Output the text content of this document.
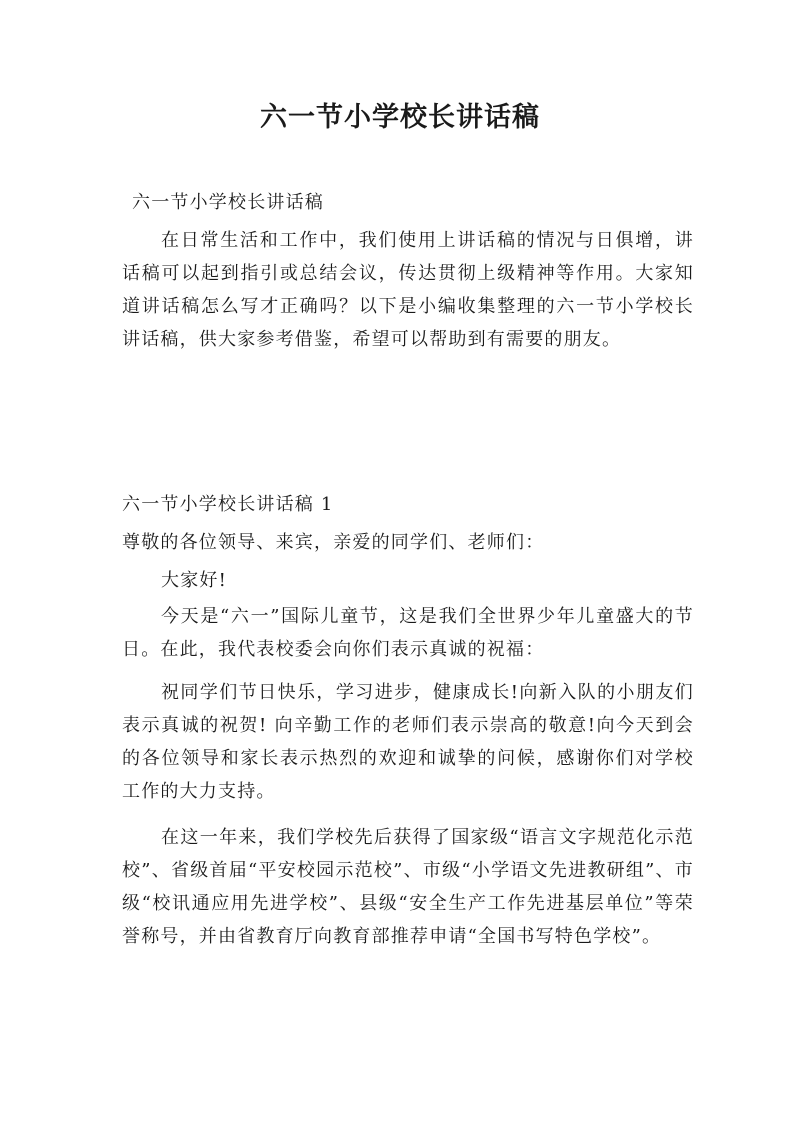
六一节小学校长讲话稿
六一节小学校长讲话稿
在日常生活和工作中，我们使用上讲话稿的情况与日俱增，讲话稿可以起到指引或总结会议，传达贯彻上级精神等作用。大家知道讲话稿怎么写才正确吗？以下是小编收集整理的六一节小学校长讲话稿，供大家参考借鉴，希望可以帮助到有需要的朋友。
六一节小学校长讲话稿 1
尊敬的各位领导、来宾，亲爱的同学们、老师们：
大家好!
今天是“六一”国际儿童节，这是我们全世界少年儿童盛大的节日。在此，我代表校委会向你们表示真诚的祝福：
祝同学们节日快乐，学习进步，健康成长!向新入队的小朋友们表示真诚的祝贺! 向辛勤工作的老师们表示崇高的敬意!向今天到会的各位领导和家长表示热烈的欢迎和诚挚的问候，感谢你们对学校工作的大力支持。
在这一年来，我们学校先后获得了国家级“语言文字规范化示范校”、省级首届“平安校园示范校”、市级“小学语文先进教研组”、市级“校讯通应用先进学校”、县级“安全生产工作先进基层单位”等荣誉称号，并由省教育厅向教育部推荐申请“全国书写特色学校”。
